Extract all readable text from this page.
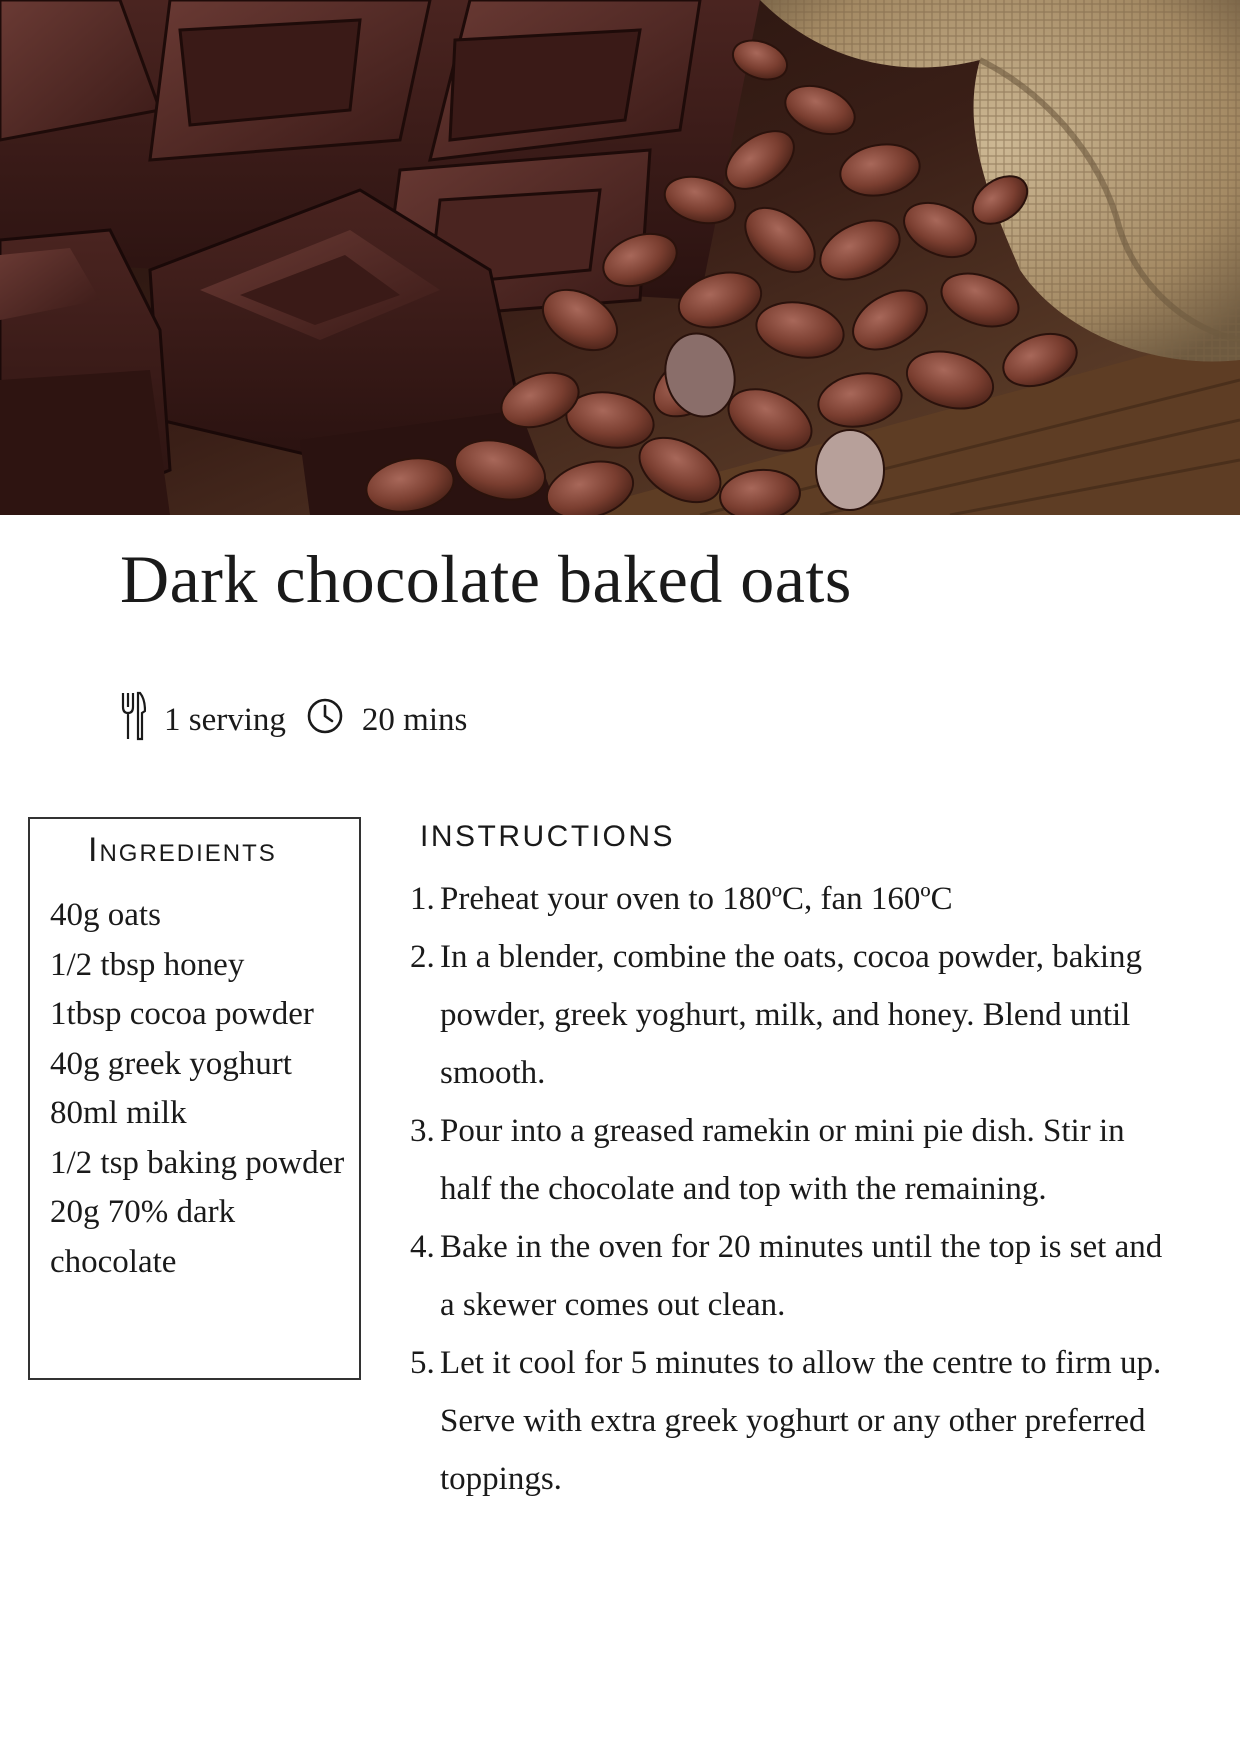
Dark chocolate baked oats
1 serving 20 mins
Ingredients
40g oats
1/2 tbsp honey
1tbsp cocoa powder
40g greek yoghurt
80ml milk
1/2 tsp baking powder
20g 70% dark chocolate
INSTRUCTIONS
1. Preheat your oven to 180ºC, fan 160ºC
2. In a blender, combine the oats, cocoa powder, baking powder, greek yoghurt, milk, and honey. Blend until smooth.
3. Pour into a greased ramekin or mini pie dish. Stir in half the chocolate and top with the remaining.
4. Bake in the oven for 20 minutes until the top is set and a skewer comes out clean.
5. Let it cool for 5 minutes to allow the centre to firm up. Serve with extra greek yoghurt or any other preferred toppings.
